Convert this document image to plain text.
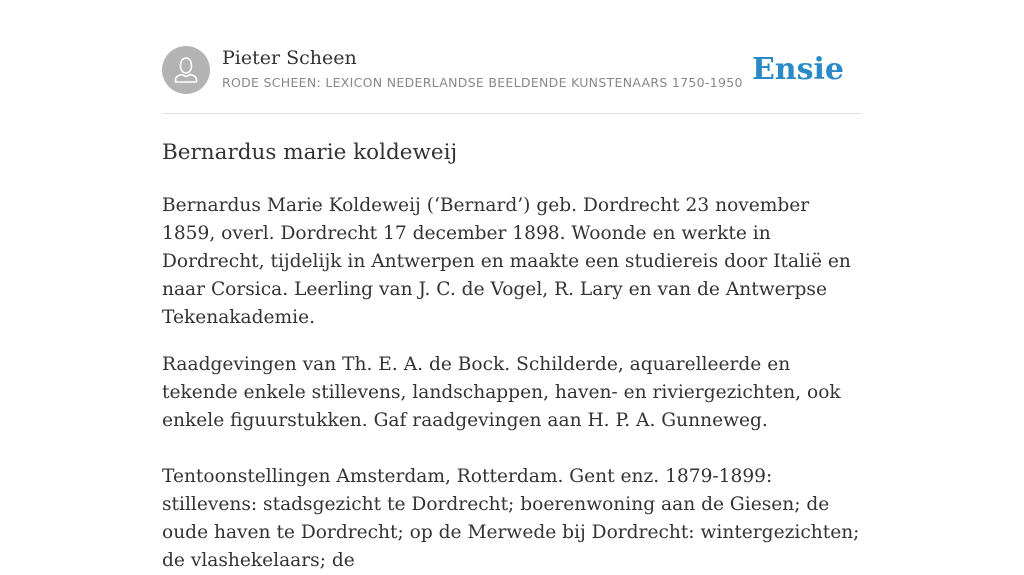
Pieter Scheen
RODE SCHEEN: LEXICON NEDERLANDSE BEELDENDE KUNSTENAARS 1750-1950 Ensie
Bernardus marie koldeweij

Bernardus Marie Koldeweij (‘Bernard’) geb. Dordrecht 23 november 1859, overl. Dordrecht 17 december 1898. Woonde en werkte in Dordrecht, tijdelijk in Antwerpen en maakte een studiereis door Italië en naar Corsica. Leerling van J. C. de Vogel, R. Lary en van de Antwerpse Tekenakademie.

Raadgevingen van Th. E. A. de Bock. Schilderde, aquarelleerde en tekende enkele stillevens, landschappen, haven- en riviergezichten, ook enkele figuurstukken. Gaf raadgevingen aan H. P. A. Gunneweg.

Tentoonstellingen Amsterdam, Rotterdam. Gent enz. 1879-1899: stillevens: stadsgezicht te Dordrecht; boerenwoning aan de Giesen; de oude haven te Dordrecht; op de Merwede bij Dordrecht: wintergezichten; de vlashekelaars; de
